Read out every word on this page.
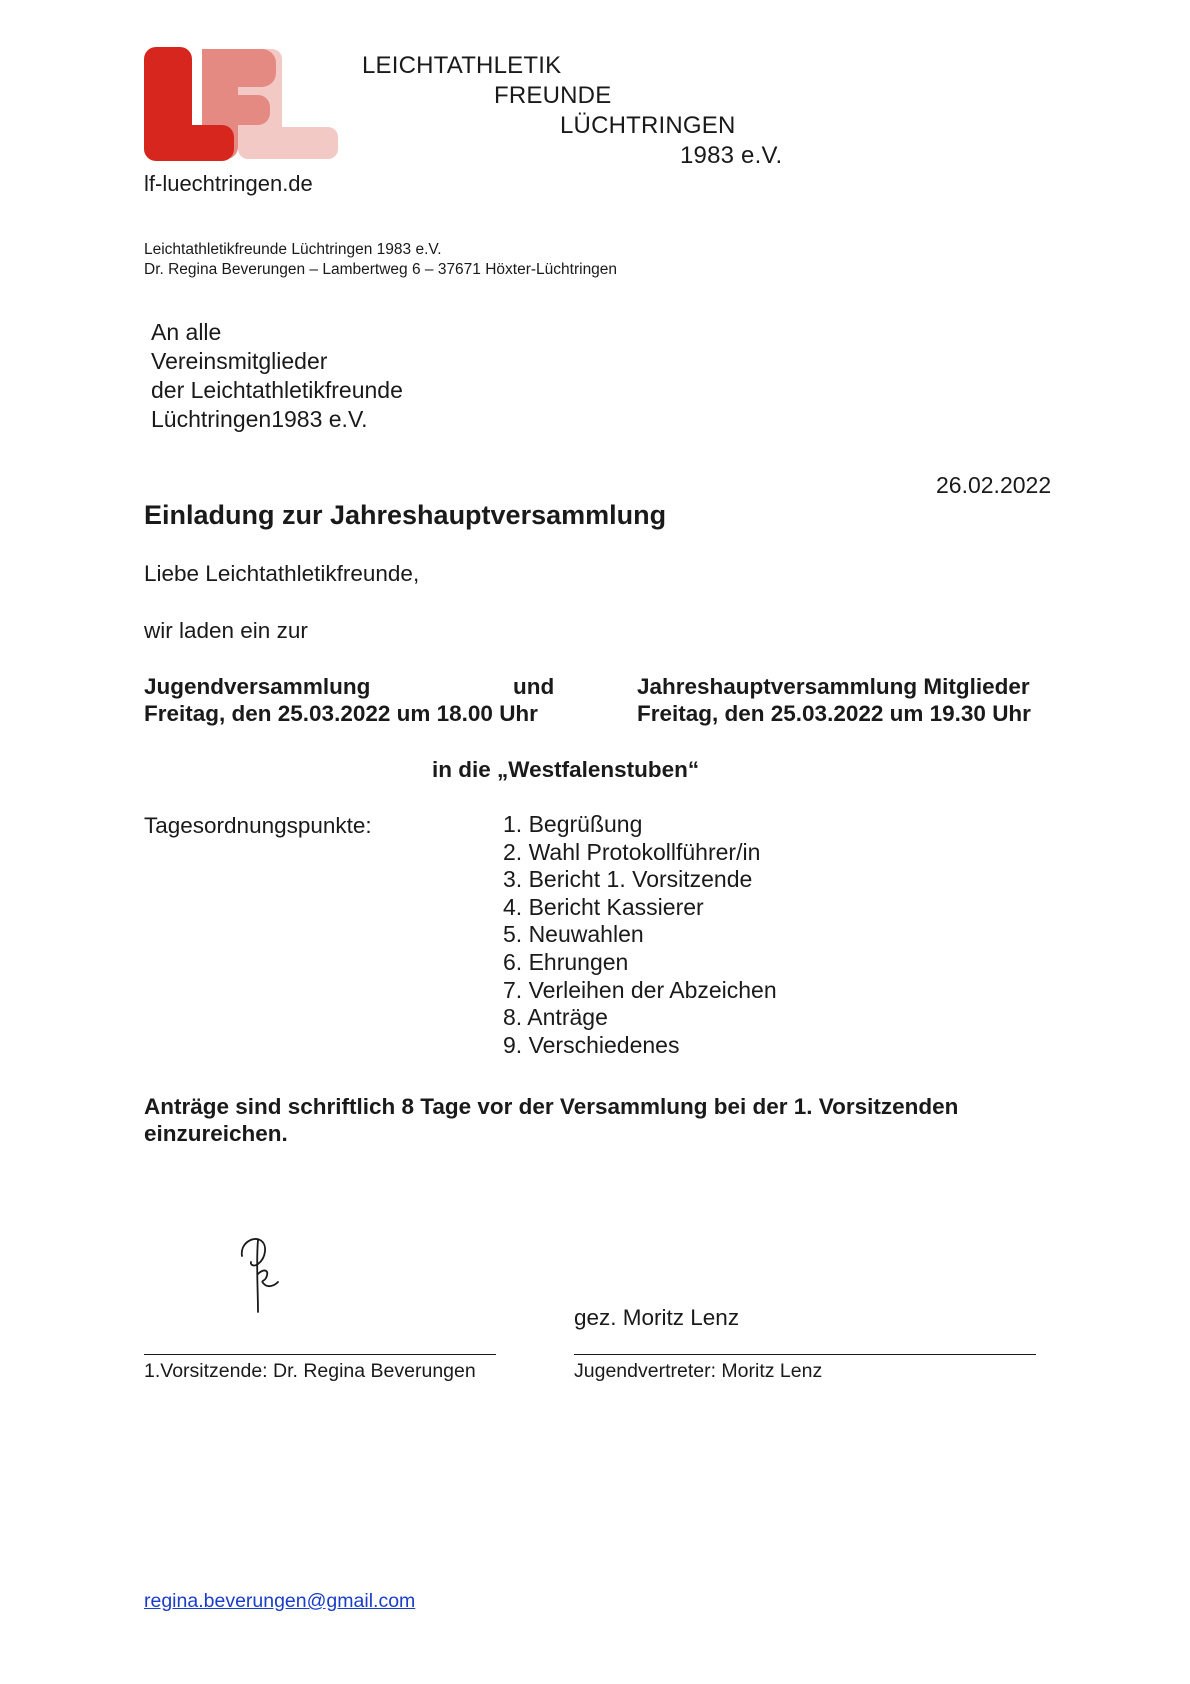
LEICHTATHLETIK
FREUNDE
LÜCHTRINGEN
1983 e.V.
lf-luechtringen.de
Leichtathletikfreunde Lüchtringen 1983 e.V.
Dr. Regina Beverungen – Lambertweg 6 – 37671 Höxter-Lüchtringen
An alle
Vereinsmitglieder
der Leichtathletikfreunde
Lüchtringen1983 e.V.
26.02.2022
Einladung zur Jahreshauptversammlung
Liebe Leichtathletikfreunde,
wir laden ein zur
Jugendversammlung
Freitag, den 25.03.2022 um 18.00 Uhr
und	Jahreshauptversammlung Mitglieder
Freitag, den 25.03.2022 um 19.30 Uhr
in die „Westfalenstuben“
Tagesordnungspunkte:	1. Begrüßung
2. Wahl Protokollführer/in
3. Bericht 1. Vorsitzende
4. Bericht Kassierer
5. Neuwahlen
6. Ehrungen
7. Verleihen der Abzeichen
8. Anträge
9. Verschiedenes
Anträge sind schriftlich 8 Tage vor der Versammlung bei der 1. Vorsitzenden
einzureichen.
1.Vorsitzende: Dr. Regina Beverungen
gez. Moritz Lenz
Jugendvertreter: Moritz Lenz
regina.beverungen@gmail.com
